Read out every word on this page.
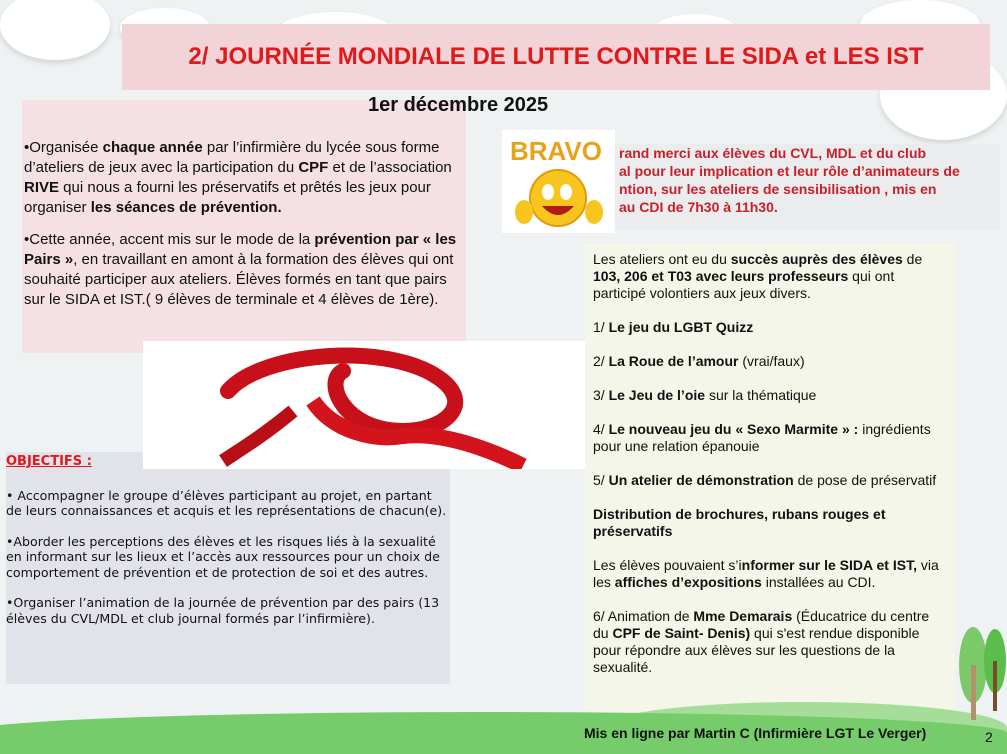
2/ JOURNÉE MONDIALE DE LUTTE CONTRE LE SIDA et LES IST

•Organisée chaque année par l’infirmière du lycée sous forme d’ateliers de jeux avec la participation du CPF et de l’association RIVE qui nous a fourni les préservatifs et prêtés les jeux pour organiser les séances de prévention.

•Cette année, accent mis sur le mode de la prévention par « les Pairs », en travaillant en amont à la formation des élèves qui ont souhaité participer aux ateliers. Élèves formés en tant que pairs sur le SIDA et IST.( 9 élèves de terminale et 4 élèves de 1ère).

1er décembre 2025
OBJECTIFS :

• Accompagner le groupe d’élèves participant au projet, en partant de leurs connaissances et acquis et les représentations de chacun(e).

•Aborder les perceptions des élèves et les risques liés à la sexualité en informant sur les lieux et l’accès aux ressources pour un choix de comportement de prévention et de protection de soi et des autres.

•Organiser l’animation de la journée de prévention par des pairs (13 élèves du CVL/MDL et club journal formés par l’infirmière).

BRAVO rand merci aux élèves du CVL, MDL et du club
al pour leur implication et leur rôle d’animateurs de
ntion, sur les ateliers de sensibilisation , mis en
au CDI de 7h30 à 11h30.

Les ateliers ont eu du succès auprès des élèves de 103, 206 et T03 avec leurs professeurs qui ont participé volontiers aux jeux divers.

1/ Le jeu du LGBT Quizz

2/ La Roue de l’amour (vrai/faux)

3/ Le Jeu de l’oie sur la thématique

4/ Le nouveau jeu du « Sexo Marmite » : ingrédients pour une relation épanouie

5/ Un atelier de démonstration de pose de préservatif

Distribution de brochures, rubans rouges et préservatifs

Les élèves pouvaient s’informer sur le SIDA et IST, via les affiches d’expositions installées au CDI.

6/ Animation de Mme Demarais (Éducatrice du centre du CPF de Saint- Denis) qui s'est rendue disponible pour répondre aux élèves sur les questions de la sexualité.

Mis en ligne par Martin C (Infirmière LGT Le Verger)	2
